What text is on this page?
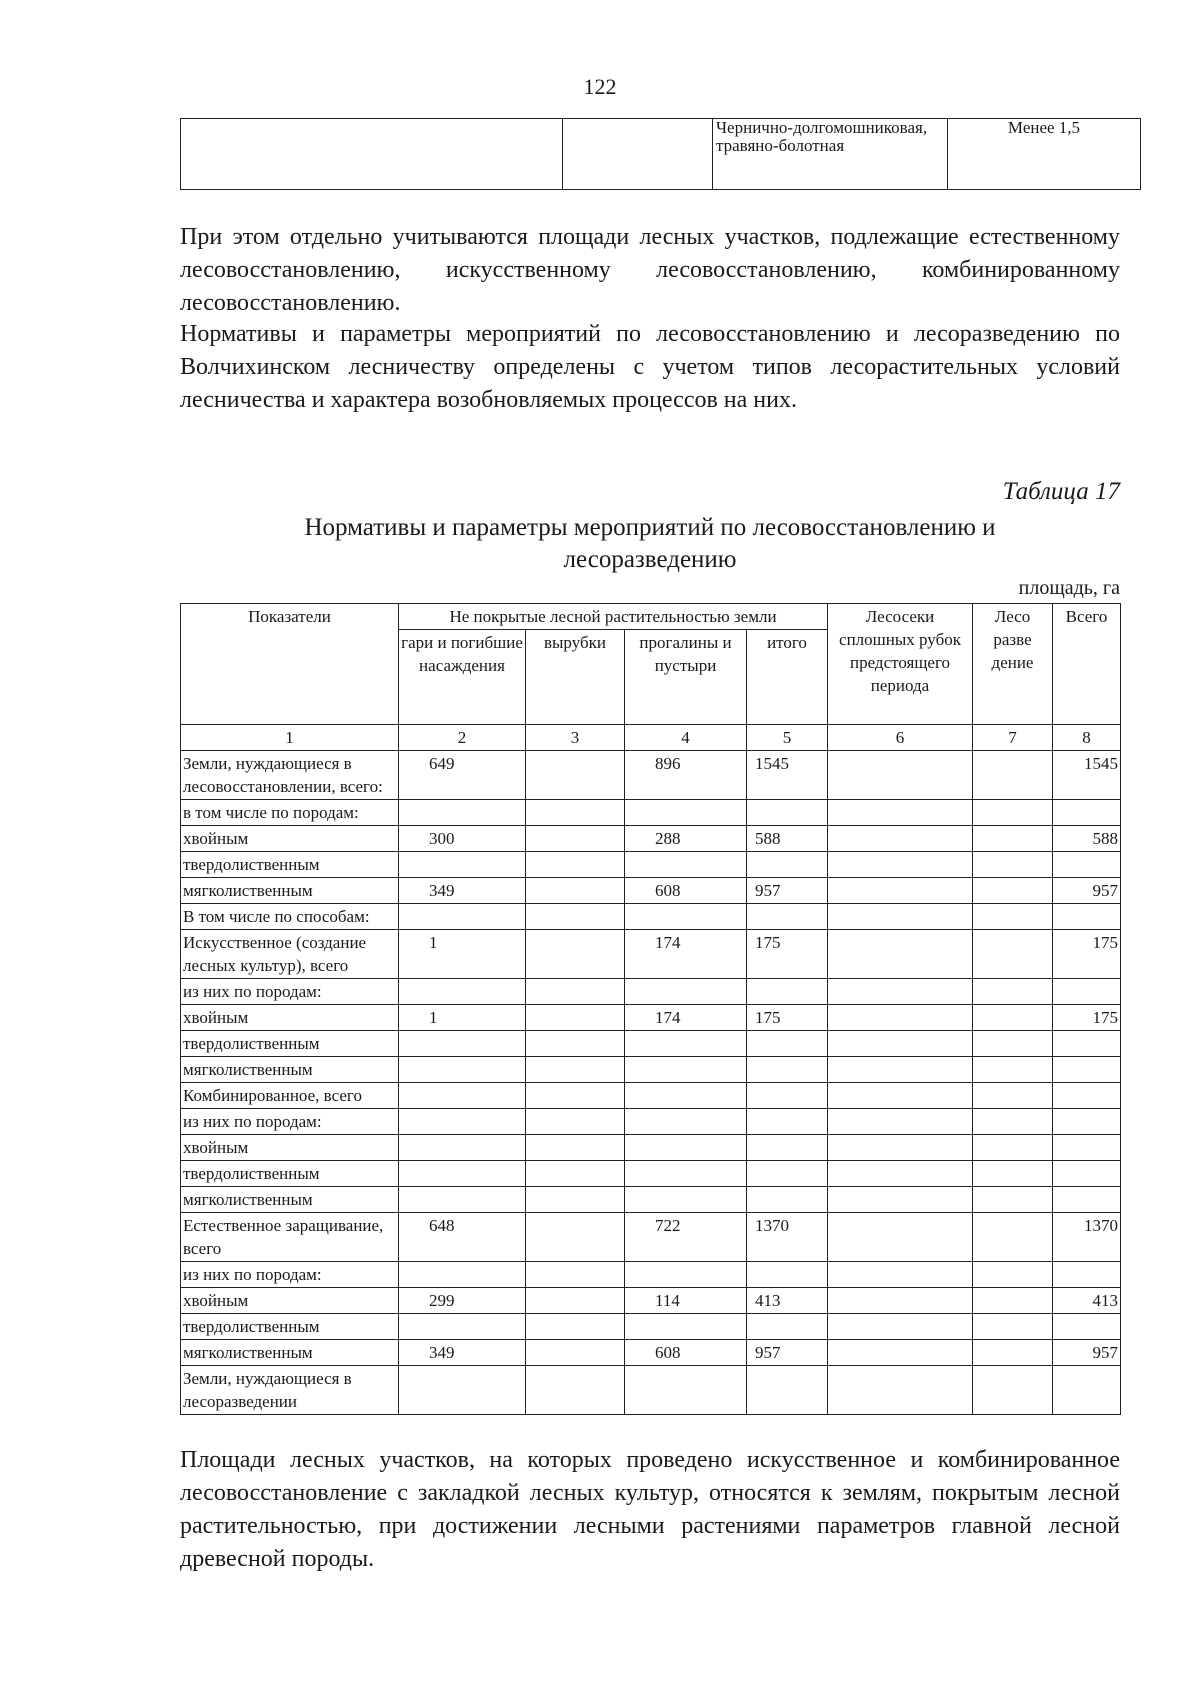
122
		Чернично-долгомошниковая, травяно-болотная	Менее 1,5

При этом отдельно учитываются площади лесных участков, подлежащие естественному лесовосстановлению, искусственному лесовосстановлению, комбинированному лесовосстановлению.

Нормативы и параметры мероприятий по лесовосстановлению и лесоразведению по Волчихинском лесничеству определены с учетом типов лесорастительных условий лесничества и характера возобновляемых процессов на них.

Таблица 17
Нормативы и параметры мероприятий по лесовосстановлению и лесоразведению
площадь, га
Показатели	Не покрытые лесной растительностью земли				Лесосеки сплошных рубок предстоящего периода	Лесо разве дение	Всего
	гари и погибшие насаждения	вырубки	прогалины и пустыри	итого			
1	2	3	4	5	6	7	8
Земли, нуждающиеся в лесовосстановлении, всего:	649		896	1545			1545
в том числе по породам:							
хвойным	300		288	588			588
твердолиственным							
мягколиственным	349		608	957			957
В том числе по способам:							
Искусственное (создание лесных культур), всего	1		174	175			175
из них по породам:							
хвойным	1		174	175			175
твердолиственным							
мягколиственным							
Комбинированное, всего							
из них по породам:							
хвойным							
твердолиственным							
мягколиственным							
Естественное заращивание, всего	648		722	1370			1370
из них по породам:							
хвойным	299		114	413			413
твердолиственным							
мягколиственным	349		608	957			957
Земли, нуждающиеся в лесоразведении							

Площади лесных участков, на которых проведено искусственное и комбинированное лесовосстановление с закладкой лесных культур, относятся к землям, покрытым лесной растительностью, при достижении лесными растениями параметров главной лесной древесной породы.
